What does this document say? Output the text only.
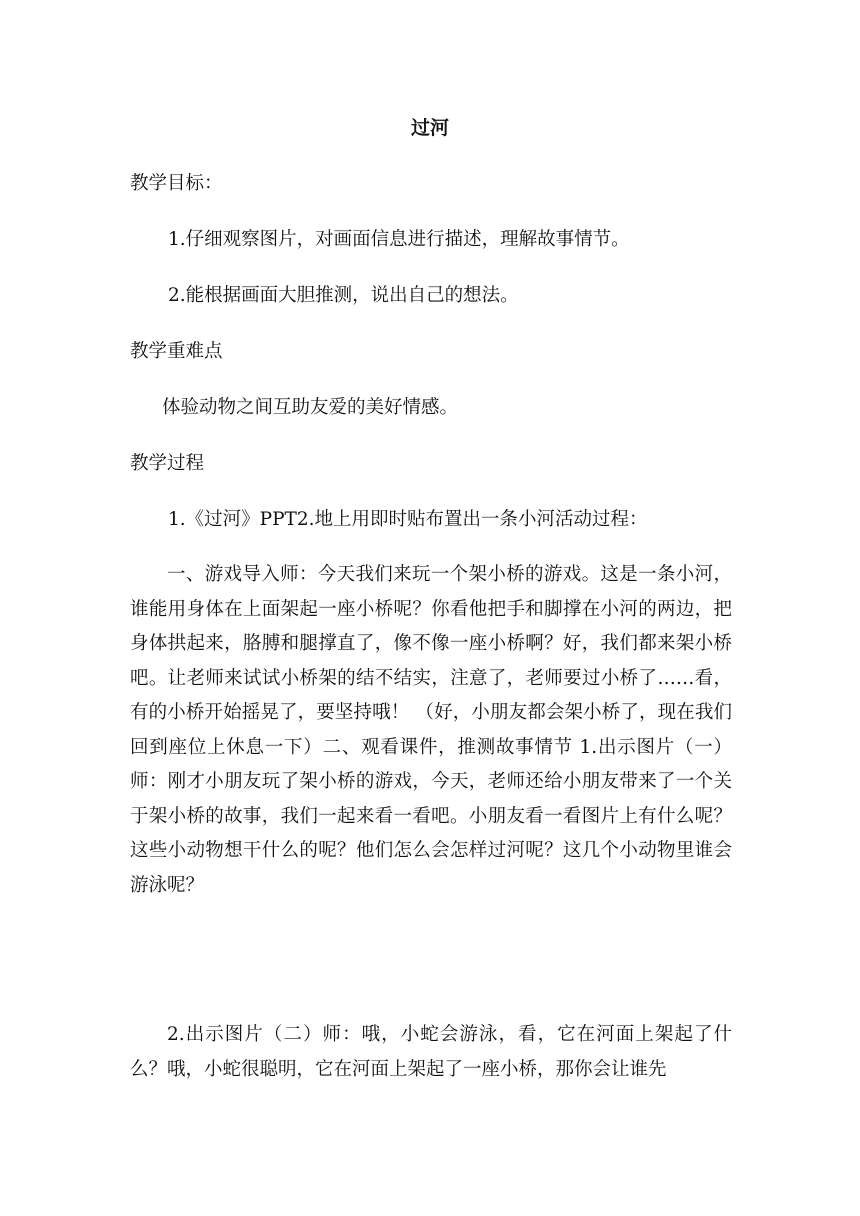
过河
教学目标：
1.仔细观察图片，对画面信息进行描述，理解故事情节。
2.能根据画面大胆推测，说出自己的想法。
教学重难点
体验动物之间互助友爱的美好情感。
教学过程
1.《过河》PPT2.地上用即时贴布置出一条小河活动过程：

一、游戏导入师：今天我们来玩一个架小桥的游戏。这是一条小河，谁能用身体在上面架起一座小桥呢？你看他把手和脚撑在小河的两边，把身体拱起来，胳膊和腿撑直了，像不像一座小桥啊？好，我们都来架小桥吧。让老师来试试小桥架的结不结实，注意了，老师要过小桥了……看，有的小桥开始摇晃了，要坚持哦！ （好，小朋友都会架小桥了，现在我们回到座位上休息一下）二、观看课件，推测故事情节 1.出示图片（一）师：刚才小朋友玩了架小桥的游戏，今天，老师还给小朋友带来了一个关于架小桥的故事，我们一起来看一看吧。小朋友看一看图片上有什么呢？这些小动物想干什么的呢？他们怎么会怎样过河呢？这几个小动物里谁会游泳呢？

2.出示图片（二）师：哦，小蛇会游泳，看，它在河面上架起了什么？哦，小蛇很聪明，它在河面上架起了一座小桥，那你会让谁先
